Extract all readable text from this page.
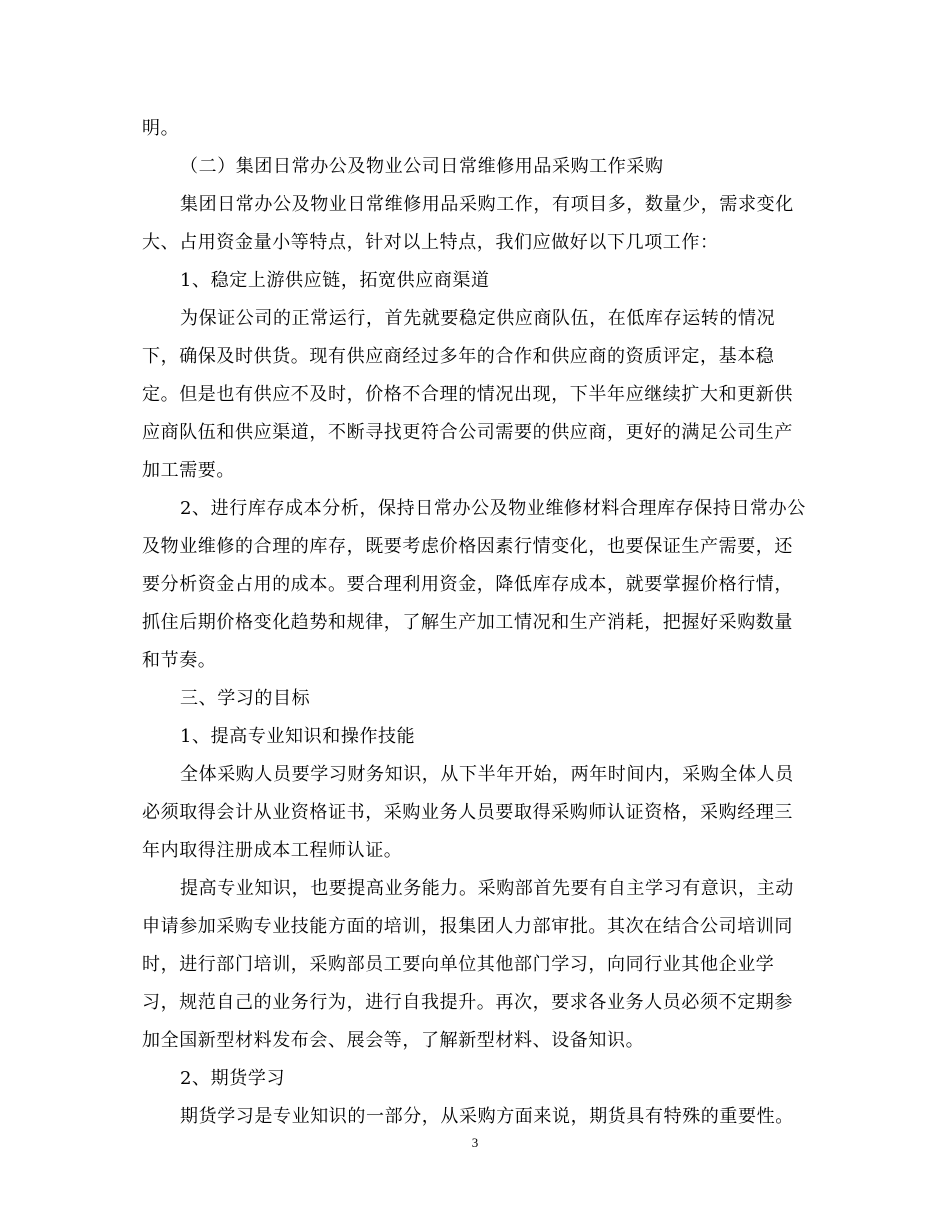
明。

（二）集团日常办公及物业公司日常维修用品采购工作采购

集团日常办公及物业日常维修用品采购工作，有项目多，数量少，需求变化

大、占用资金量小等特点，针对以上特点，我们应做好以下几项工作：

1、稳定上游供应链，拓宽供应商渠道

为保证公司的正常运行，首先就要稳定供应商队伍，在低库存运转的情况

下，确保及时供货。现有供应商经过多年的合作和供应商的资质评定，基本稳

定。但是也有供应不及时，价格不合理的情况出现，下半年应继续扩大和更新供

应商队伍和供应渠道，不断寻找更符合公司需要的供应商，更好的满足公司生产

加工需要。

2、进行库存成本分析，保持日常办公及物业维修材料合理库存保持日常办公

及物业维修的合理的库存，既要考虑价格因素行情变化，也要保证生产需要，还

要分析资金占用的成本。要合理利用资金，降低库存成本，就要掌握价格行情，

抓住后期价格变化趋势和规律，了解生产加工情况和生产消耗，把握好采购数量

和节奏。

三、学习的目标

1、提高专业知识和操作技能

全体采购人员要学习财务知识，从下半年开始，两年时间内，采购全体人员

必须取得会计从业资格证书，采购业务人员要取得采购师认证资格，采购经理三

年内取得注册成本工程师认证。

提高专业知识，也要提高业务能力。采购部首先要有自主学习有意识，主动

申请参加采购专业技能方面的培训，报集团人力部审批。其次在结合公司培训同

时，进行部门培训，采购部员工要向单位其他部门学习，向同行业其他企业学

习，规范自己的业务行为，进行自我提升。再次，要求各业务人员必须不定期参

加全国新型材料发布会、展会等，了解新型材料、设备知识。

2、期货学习

期货学习是专业知识的一部分，从采购方面来说，期货具有特殊的重要性。

3
